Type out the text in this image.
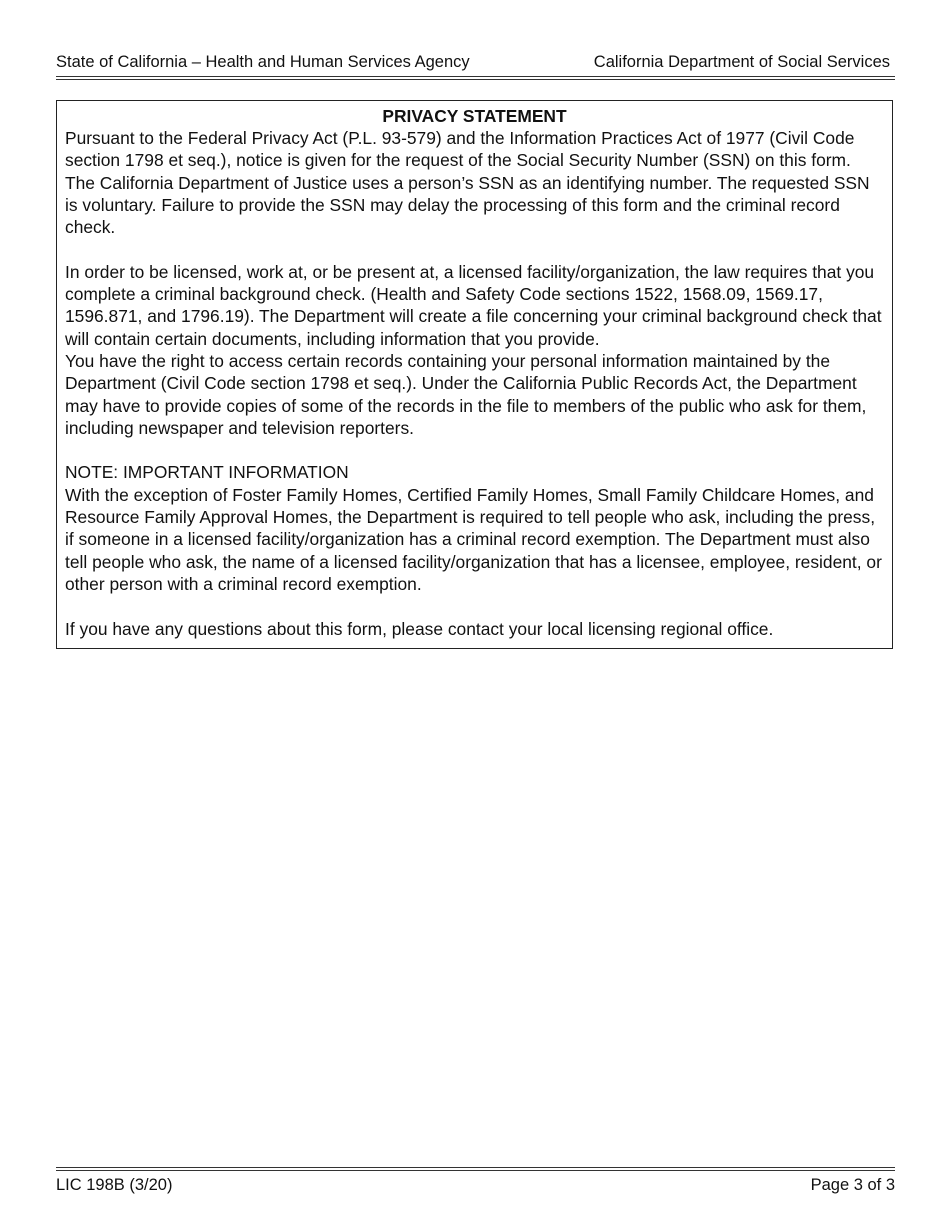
State of California – Health and Human Services Agency	California Department of Social Services

PRIVACY STATEMENT

Pursuant to the Federal Privacy Act (P.L. 93-579) and the Information Practices Act of 1977 (Civil Code section 1798 et seq.), notice is given for the request of the Social Security Number (SSN) on this form. The California Department of Justice uses a person’s SSN as an identifying number. The requested SSN is voluntary. Failure to provide the SSN may delay the processing of this form and the criminal record check.

In order to be licensed, work at, or be present at, a licensed facility/organization, the law requires that you complete a criminal background check. (Health and Safety Code sections 1522, 1568.09, 1569.17, 1596.871, and 1796.19). The Department will create a file concerning your criminal background check that will contain certain documents, including information that you provide.

You have the right to access certain records containing your personal information maintained by the Department (Civil Code section 1798 et seq.). Under the California Public Records Act, the Department may have to provide copies of some of the records in the file to members of the public who ask for them, including newspaper and television reporters.

NOTE: IMPORTANT INFORMATION

With the exception of Foster Family Homes, Certified Family Homes, Small Family Childcare Homes, and Resource Family Approval Homes, the Department is required to tell people who ask, including the press, if someone in a licensed facility/organization has a criminal record exemption. The Department must also tell people who ask, the name of a licensed facility/organization that has a licensee, employee, resident, or other person with a criminal record exemption.

If you have any questions about this form, please contact your local licensing regional office.

LIC 198B (3/20)	Page 3 of 3
